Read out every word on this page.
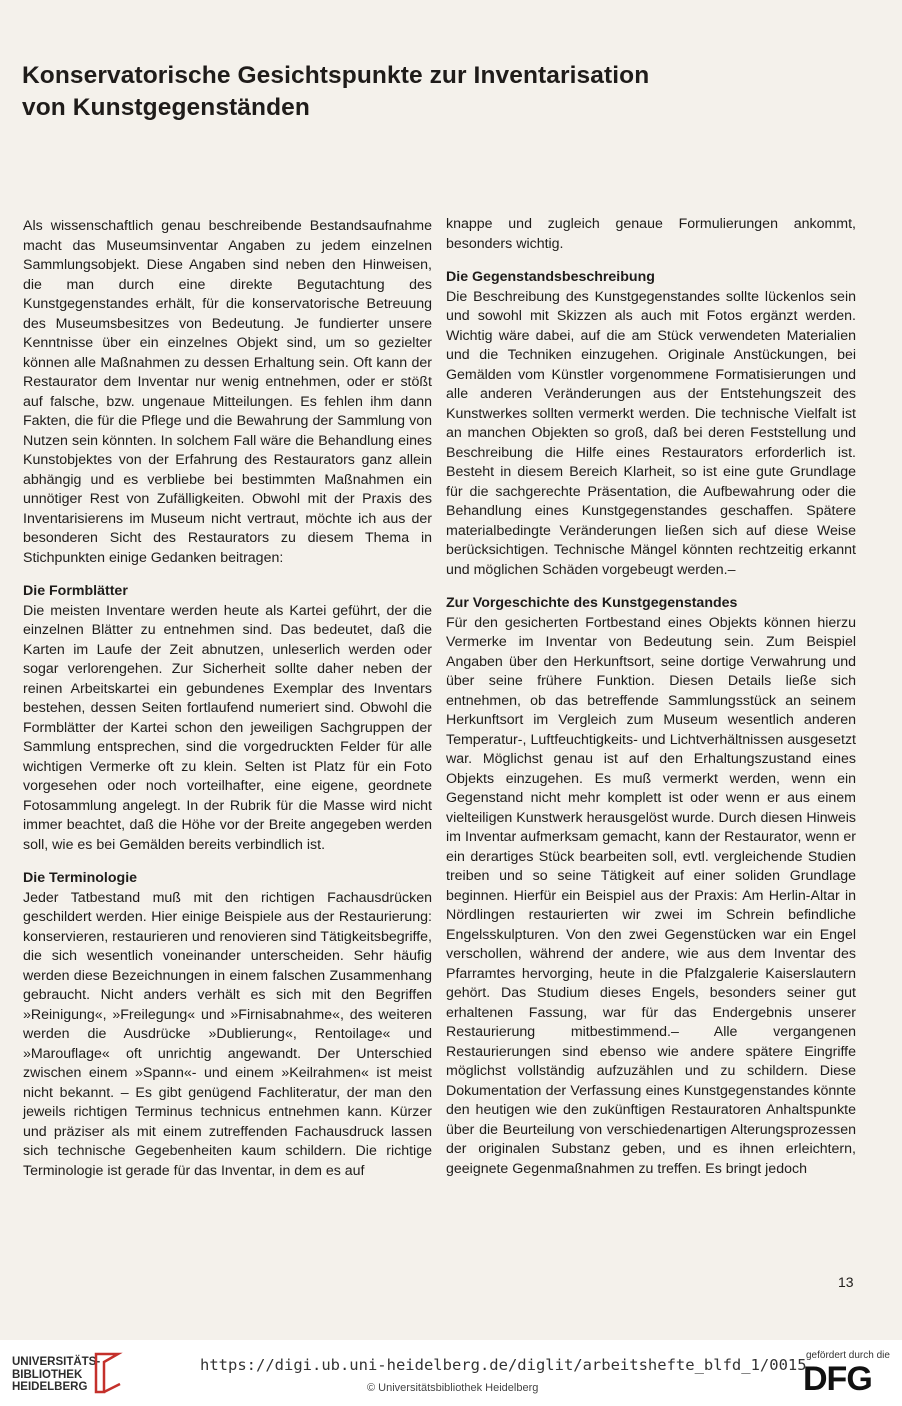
Konservatorische Gesichtspunkte zur Inventarisation
von Kunstgegenständen

Als wissenschaftlich genau beschreibende Bestandsaufnahme macht das Museumsinventar Angaben zu jedem einzelnen Sammlungsobjekt. Diese Angaben sind neben den Hinweisen, die man durch eine direkte Begutachtung des Kunstgegenstandes erhält, für die konservatorische Betreuung des Museumsbesitzes von Bedeutung. Je fundierter unsere Kenntnisse über ein einzelnes Objekt sind, um so gezielter können alle Maßnahmen zu dessen Erhaltung sein. Oft kann der Restaurator dem Inventar nur wenig entnehmen, oder er stößt auf falsche, bzw. ungenaue Mitteilungen. Es fehlen ihm dann Fakten, die für die Pflege und die Bewahrung der Sammlung von Nutzen sein könnten. In solchem Fall wäre die Behandlung eines Kunstobjektes von der Erfahrung des Restaurators ganz allein abhängig und es verbliebe bei bestimmten Maßnahmen ein unnötiger Rest von Zufälligkeiten. Obwohl mit der Praxis des Inventarisierens im Museum nicht vertraut, möchte ich aus der besonderen Sicht des Restaurators zu diesem Thema in Stichpunkten einige Gedanken beitragen:

Die Formblätter

Die meisten Inventare werden heute als Kartei geführt, der die einzelnen Blätter zu entnehmen sind. Das bedeutet, daß die Karten im Laufe der Zeit abnutzen, unleserlich werden oder sogar verlorengehen. Zur Sicherheit sollte daher neben der reinen Arbeitskartei ein gebundenes Exemplar des Inventars bestehen, dessen Seiten fortlaufend numeriert sind. Obwohl die Formblätter der Kartei schon den jeweiligen Sachgruppen der Sammlung entsprechen, sind die vorgedruckten Felder für alle wichtigen Vermerke oft zu klein. Selten ist Platz für ein Foto vorgesehen oder noch vorteilhafter, eine eigene, geordnete Fotosammlung angelegt. In der Rubrik für die Masse wird nicht immer beachtet, daß die Höhe vor der Breite angegeben werden soll, wie es bei Gemälden bereits verbindlich ist.

Die Terminologie

Jeder Tatbestand muß mit den richtigen Fachausdrücken geschildert werden. Hier einige Beispiele aus der Restaurierung: konservieren, restaurieren und renovieren sind Tätigkeitsbegriffe, die sich wesentlich voneinander unterscheiden. Sehr häufig werden diese Bezeichnungen in einem falschen Zusammenhang gebraucht. Nicht anders verhält es sich mit den Begriffen »Reinigung«, »Freilegung« und »Firnisabnahme«, des weiteren werden die Ausdrücke »Dublierung«, Rentoilage« und »Marouflage« oft unrichtig angewandt. Der Unterschied zwischen einem »Spann«- und einem »Keilrahmen« ist meist nicht bekannt. – Es gibt genügend Fachliteratur, der man den jeweils richtigen Terminus technicus entnehmen kann. Kürzer und präziser als mit einem zutreffenden Fachausdruck lassen sich technische Gegebenheiten kaum schildern. Die richtige Terminologie ist gerade für das Inventar, in dem es auf

knappe und zugleich genaue Formulierungen ankommt, besonders wichtig.

Die Gegenstandsbeschreibung

Die Beschreibung des Kunstgegenstandes sollte lückenlos sein und sowohl mit Skizzen als auch mit Fotos ergänzt werden. Wichtig wäre dabei, auf die am Stück verwendeten Materialien und die Techniken einzugehen. Originale Anstückungen, bei Gemälden vom Künstler vorgenommene Formatisierungen und alle anderen Veränderungen aus der Entstehungszeit des Kunstwerkes sollten vermerkt werden. Die technische Vielfalt ist an manchen Objekten so groß, daß bei deren Feststellung und Beschreibung die Hilfe eines Restaurators erforderlich ist. Besteht in diesem Bereich Klarheit, so ist eine gute Grundlage für die sachgerechte Präsentation, die Aufbewahrung oder die Behandlung eines Kunstgegenstandes geschaffen. Spätere materialbedingte Veränderungen ließen sich auf diese Weise berücksichtigen. Technische Mängel könnten rechtzeitig erkannt und möglichen Schäden vorgebeugt werden.–

Zur Vorgeschichte des Kunstgegenstandes

Für den gesicherten Fortbestand eines Objekts können hierzu Vermerke im Inventar von Bedeutung sein. Zum Beispiel Angaben über den Herkunftsort, seine dortige Verwahrung und über seine frühere Funktion. Diesen Details ließe sich entnehmen, ob das betreffende Sammlungsstück an seinem Herkunftsort im Vergleich zum Museum wesentlich anderen Temperatur-, Luftfeuchtigkeits- und Lichtverhältnissen ausgesetzt war. Möglichst genau ist auf den Erhaltungszustand eines Objekts einzugehen. Es muß vermerkt werden, wenn ein Gegenstand nicht mehr komplett ist oder wenn er aus einem vielteiligen Kunstwerk herausgelöst wurde. Durch diesen Hinweis im Inventar aufmerksam gemacht, kann der Restaurator, wenn er ein derartiges Stück bearbeiten soll, evtl. vergleichende Studien treiben und so seine Tätigkeit auf einer soliden Grundlage beginnen. Hierfür ein Beispiel aus der Praxis: Am Herlin-Altar in Nördlingen restaurierten wir zwei im Schrein befindliche Engelsskulpturen. Von den zwei Gegenstücken war ein Engel verschollen, während der andere, wie aus dem Inventar des Pfarramtes hervorging, heute in die Pfalzgalerie Kaiserslautern gehört. Das Studium dieses Engels, besonders seiner gut erhaltenen Fassung, war für das Endergebnis unserer Restaurierung mitbestimmend.– Alle vergangenen Restaurierungen sind ebenso wie andere spätere Eingriffe möglichst vollständig aufzuzählen und zu schildern. Diese Dokumentation der Verfassung eines Kunstgegenstandes könnte den heutigen wie den zukünftigen Restauratoren Anhaltspunkte über die Beurteilung von verschiedenartigen Alterungsprozessen der originalen Substanz geben, und es ihnen erleichtern, geeignete Gegenmaßnahmen zu treffen. Es bringt jedoch

13
UNIVERSITÄTS-
BIBLIOTHEK
HEIDELBERG
https://digi.ub.uni-heidelberg.de/diglit/arbeitshefte_blfd_1/0015
© Universitätsbibliothek Heidelberg
gefördert durch die
DFG
